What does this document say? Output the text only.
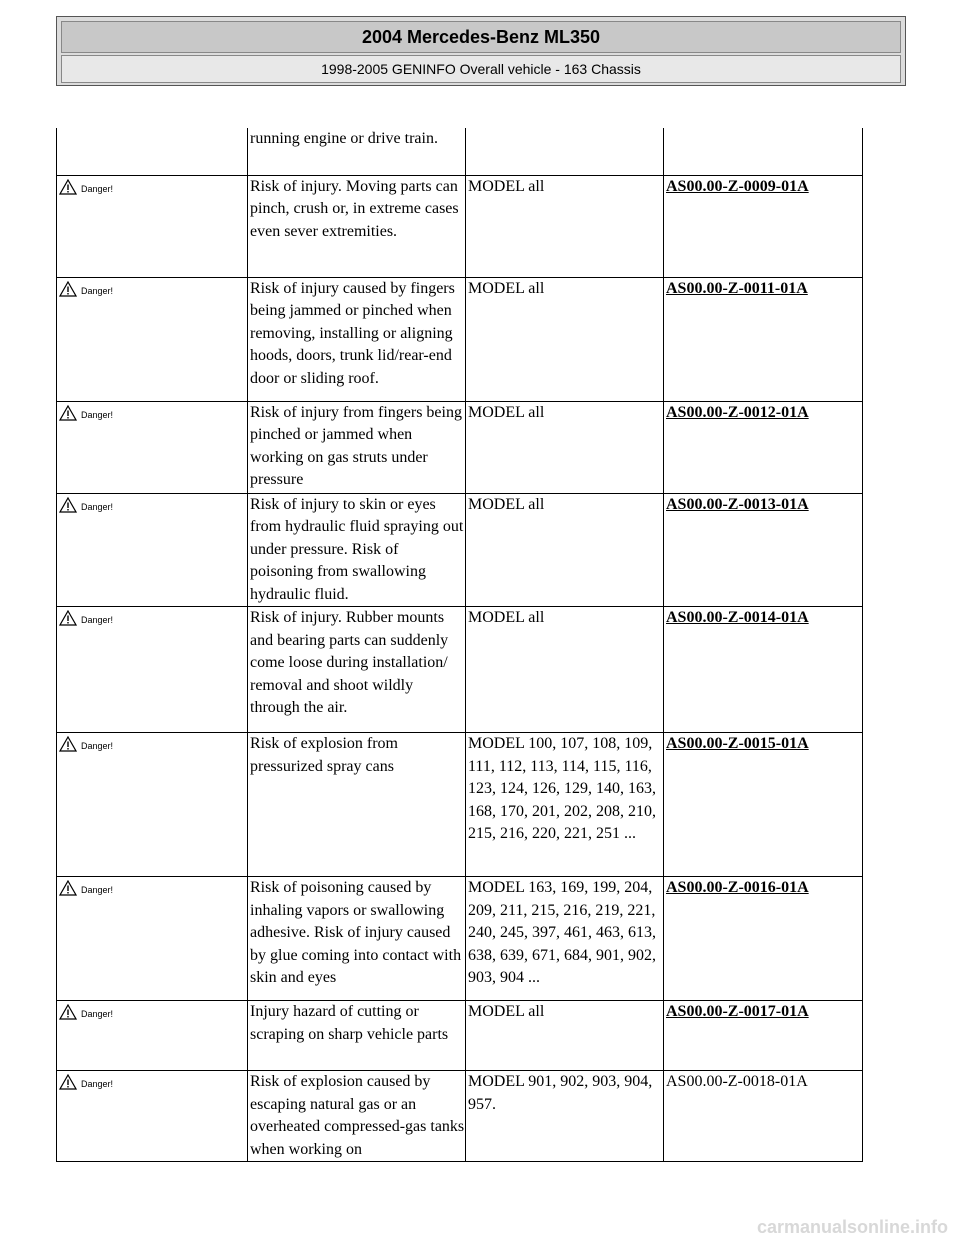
2004 Mercedes-Benz ML350
1998-2005 GENINFO Overall vehicle - 163 Chassis
	running engine or drive train.		

Danger!	Risk of injury. Moving parts can pinch, crush or, in extreme cases even sever extremities.	MODEL all	AS00.00-Z-0009-01A

Danger!	Risk of injury caused by fingers being jammed or pinched when removing, installing or aligning hoods, doors, trunk lid/rear-end door or sliding roof.	MODEL all	AS00.00-Z-0011-01A

Danger!	Risk of injury from fingers being pinched or jammed when working on gas struts under pressure	MODEL all	AS00.00-Z-0012-01A

Danger!	Risk of injury to skin or eyes from hydraulic fluid spraying out under pressure. Risk of poisoning from swallowing hydraulic fluid.	MODEL all	AS00.00-Z-0013-01A

Danger!	Risk of injury. Rubber mounts and bearing parts can suddenly come loose during installation/ removal and shoot wildly through the air.	MODEL all	AS00.00-Z-0014-01A

Danger!	Risk of explosion from pressurized spray cans	MODEL 100, 107, 108, 109, 111, 112, 113, 114, 115, 116, 123, 124, 126, 129, 140, 163, 168, 170, 201, 202, 208, 210, 215, 216, 220, 221, 251 ...	AS00.00-Z-0015-01A

Danger!	Risk of poisoning caused by inhaling vapors or swallowing adhesive. Risk of injury caused by glue coming into contact with skin and eyes	MODEL 163, 169, 199, 204, 209, 211, 215, 216, 219, 221, 240, 245, 397, 461, 463, 613, 638, 639, 671, 684, 901, 902, 903, 904 ...	AS00.00-Z-0016-01A

Danger!	Injury hazard of cutting or scraping on sharp vehicle parts	MODEL all	AS00.00-Z-0017-01A

Danger!	Risk of explosion caused by escaping natural gas or an overheated compressed-gas tanks when working on	MODEL 901, 902, 903, 904, 957.	AS00.00-Z-0018-01A
carmanualsonline.info
